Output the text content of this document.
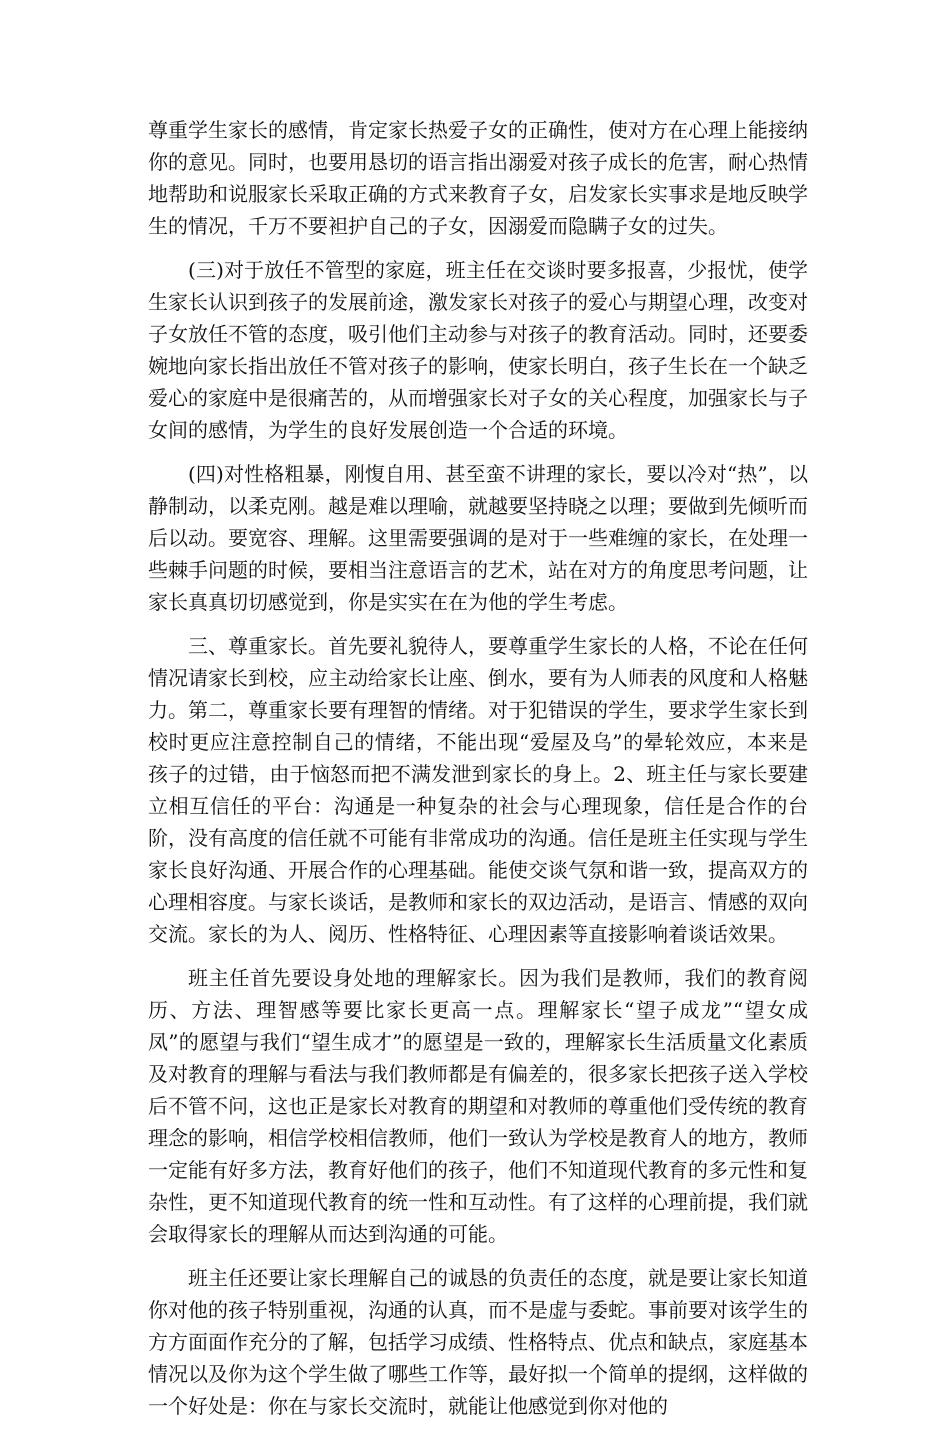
尊重学生家长的感情，肯定家长热爱子女的正确性，使对方在心理上能接纳你的意见。同时，也要用恳切的语言指出溺爱对孩子成长的危害，耐心热情地帮助和说服家长采取正确的方式来教育子女，启发家长实事求是地反映学生的情况，千万不要袒护自己的子女，因溺爱而隐瞒子女的过失。

(三)对于放任不管型的家庭，班主任在交谈时要多报喜，少报忧，使学生家长认识到孩子的发展前途，激发家长对孩子的爱心与期望心理，改变对子女放任不管的态度，吸引他们主动参与对孩子的教育活动。同时，还要委婉地向家长指出放任不管对孩子的影响，使家长明白，孩子生长在一个缺乏爱心的家庭中是很痛苦的，从而增强家长对子女的关心程度，加强家长与子女间的感情，为学生的良好发展创造一个合适的环境。

(四)对性格粗暴，刚愎自用、甚至蛮不讲理的家长，要以冷对“热”，以静制动，以柔克刚。越是难以理喻，就越要坚持晓之以理；要做到先倾听而后以动。要宽容、理解。这里需要强调的是对于一些难缠的家长，在处理一些棘手问题的时候，要相当注意语言的艺术，站在对方的角度思考问题，让家长真真切切感觉到，你是实实在在为他的学生考虑。

三、尊重家长。首先要礼貌待人，要尊重学生家长的人格，不论在任何情况请家长到校，应主动给家长让座、倒水，要有为人师表的风度和人格魅力。第二，尊重家长要有理智的情绪。对于犯错误的学生，要求学生家长到校时更应注意控制自己的情绪，不能出现“爱屋及乌”的晕轮效应，本来是孩子的过错，由于恼怒而把不满发泄到家长的身上。2、班主任与家长要建立相互信任的平台：沟通是一种复杂的社会与心理现象，信任是合作的台阶，没有高度的信任就不可能有非常成功的沟通。信任是班主任实现与学生家长良好沟通、开展合作的心理基础。能使交谈气氛和谐一致，提高双方的心理相容度。与家长谈话，是教师和家长的双边活动，是语言、情感的双向交流。家长的为人、阅历、性格特征、心理因素等直接影响着谈话效果。

班主任首先要设身处地的理解家长。因为我们是教师，我们的教育阅历、方法、理智感等要比家长更高一点。理解家长“望子成龙”“望女成凤”的愿望与我们“望生成才”的愿望是一致的，理解家长生活质量文化素质及对教育的理解与看法与我们教师都是有偏差的，很多家长把孩子送入学校后不管不问，这也正是家长对教育的期望和对教师的尊重他们受传统的教育理念的影响，相信学校相信教师，他们一致认为学校是教育人的地方，教师一定能有好多方法，教育好他们的孩子，他们不知道现代教育的多元性和复杂性，更不知道现代教育的统一性和互动性。有了这样的心理前提，我们就会取得家长的理解从而达到沟通的可能。

班主任还要让家长理解自己的诚恳的负责任的态度，就是要让家长知道你对他的孩子特别重视，沟通的认真，而不是虚与委蛇。事前要对该学生的方方面面作充分的了解，包括学习成绩、性格特点、优点和缺点，家庭基本情况以及你为这个学生做了哪些工作等，最好拟一个简单的提纲，这样做的一个好处是：你在与家长交流时，就能让他感觉到你对他的
